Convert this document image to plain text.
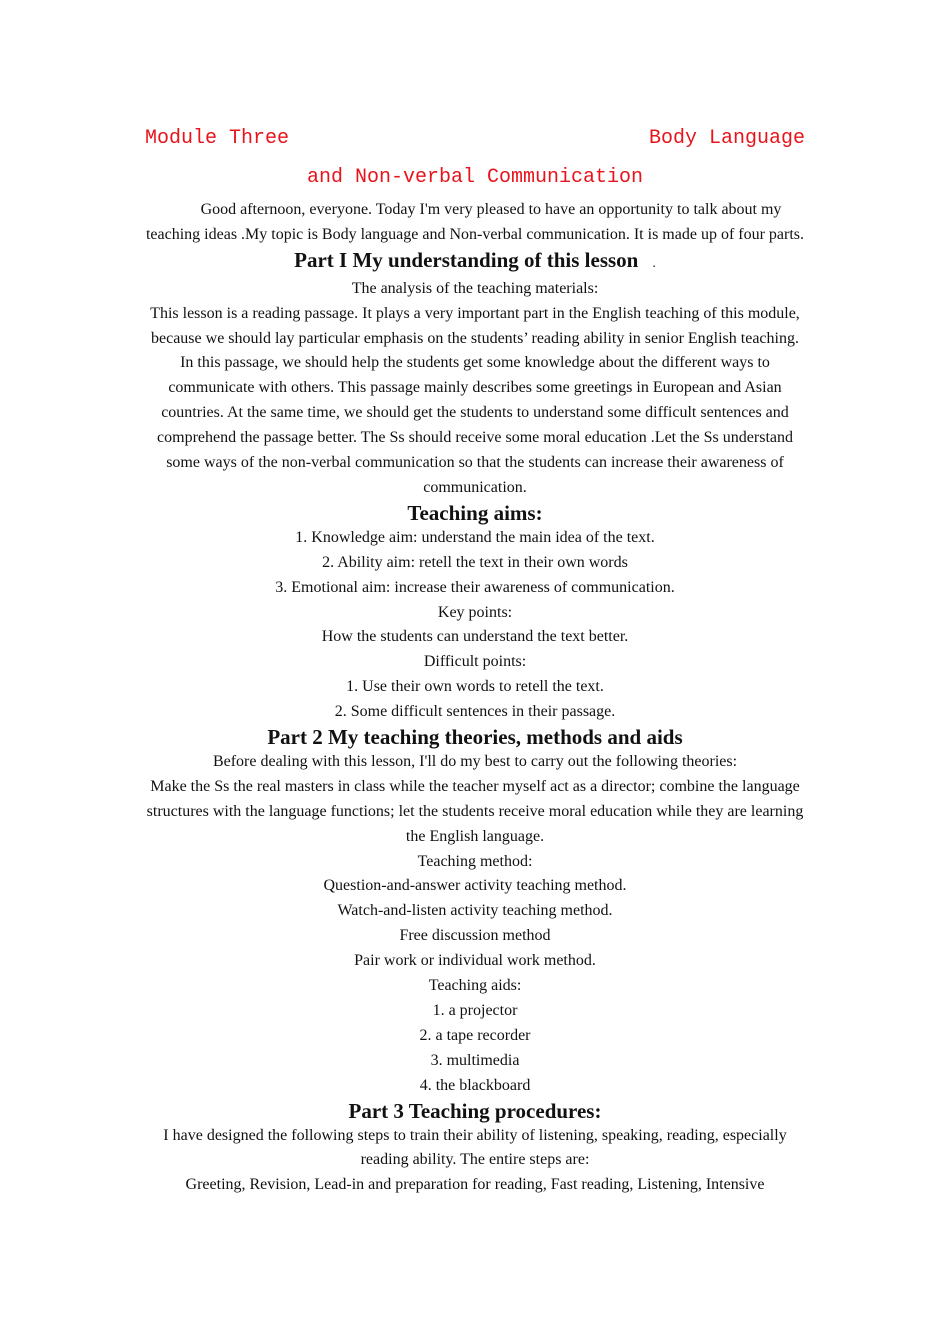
Module Three	Body Language
and Non-verbal Communication

Good afternoon, everyone. Today I'm very pleased to have an opportunity to talk about my teaching ideas .My topic is Body language and Non-verbal communication. It is made up of four parts.

Part I My understanding of this lesson .

The analysis of the teaching materials:

This lesson is a reading passage. It plays a very important part in the English teaching of this module, because we should lay particular emphasis on the students’ reading ability in senior English teaching. In this passage, we should help the students get some knowledge about the different ways to communicate with others. This passage mainly describes some greetings in European and Asian countries. At the same time, we should get the students to understand some difficult sentences and comprehend the passage better. The Ss should receive some moral education .Let the Ss understand some ways of the non-verbal communication so that the students can increase their awareness of communication.

Teaching aims:

1. Knowledge aim: understand the main idea of the text.

2. Ability aim: retell the text in their own words

3. Emotional aim: increase their awareness of communication.

Key points:

How the students can understand the text better.

Difficult points:

1. Use their own words to retell the text.

2. Some difficult sentences in their passage.

Part 2 My teaching theories, methods and aids

Before dealing with this lesson, I'll do my best to carry out the following theories:

Make the Ss the real masters in class while the teacher myself act as a director; combine the language structures with the language functions; let the students receive moral education while they are learning the English language.

Teaching method:

Question-and-answer activity teaching method.

Watch-and-listen activity teaching method.

Free discussion method

Pair work or individual work method.

Teaching aids:

1. a projector

2. a tape recorder

3. multimedia

4. the blackboard

Part 3 Teaching procedures:

I have designed the following steps to train their ability of listening, speaking, reading, especially reading ability. The entire steps are:

Greeting, Revision, Lead-in and preparation for reading, Fast reading, Listening, Intensive
